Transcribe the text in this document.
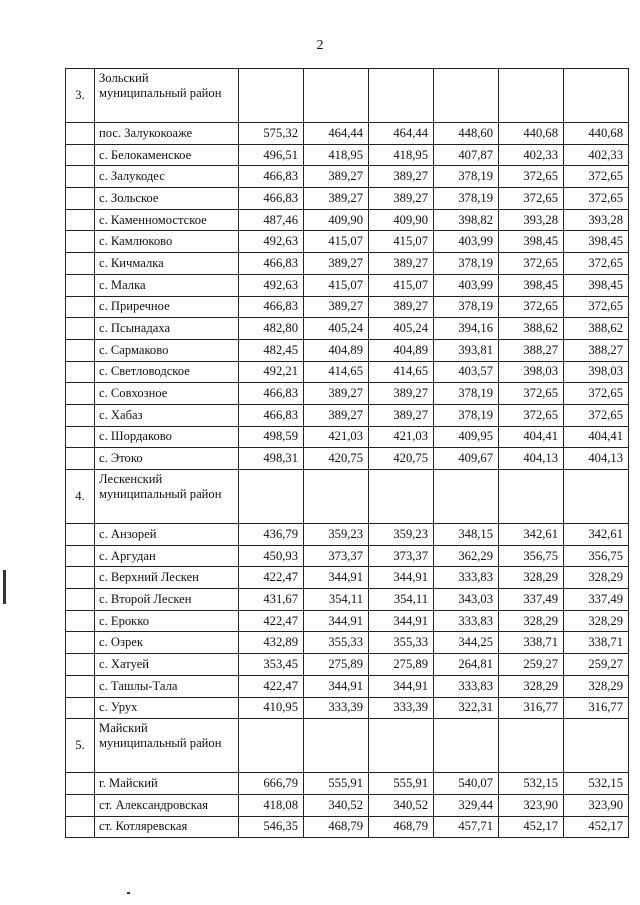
2
3.	Зольский муниципальный район						
	пос. Залукокоаже	575,32	464,44	464,44	448,60	440,68	440,68
	с. Белокаменское	496,51	418,95	418,95	407,87	402,33	402,33
	с. Залукодес	466,83	389,27	389,27	378,19	372,65	372,65
	с. Зольское	466,83	389,27	389,27	378,19	372,65	372,65
	с. Каменномостское	487,46	409,90	409,90	398,82	393,28	393,28
	с. Камлюково	492,63	415,07	415,07	403,99	398,45	398,45
	с. Кичмалка	466,83	389,27	389,27	378,19	372,65	372,65
	с. Малка	492,63	415,07	415,07	403,99	398,45	398,45
	с. Приречное	466,83	389,27	389,27	378,19	372,65	372,65
	с. Псынадаха	482,80	405,24	405,24	394,16	388,62	388,62
	с. Сармаково	482,45	404,89	404,89	393,81	388,27	388,27
	с. Светловодское	492,21	414,65	414,65	403,57	398,03	398,03
	с. Совхозное	466,83	389,27	389,27	378,19	372,65	372,65
	с. Хабаз	466,83	389,27	389,27	378,19	372,65	372,65
	с. Шордаково	498,59	421,03	421,03	409,95	404,41	404,41
	с. Этоко	498,31	420,75	420,75	409,67	404,13	404,13
4.	Лескенский муниципальный район						
	с. Анзорей	436,79	359,23	359,23	348,15	342,61	342,61
	с. Аргудан	450,93	373,37	373,37	362,29	356,75	356,75
	с. Верхний Лескен	422,47	344,91	344,91	333,83	328,29	328,29
	с. Второй Лескен	431,67	354,11	354,11	343,03	337,49	337,49
	с. Ерокко	422,47	344,91	344,91	333,83	328,29	328,29
	с. Озрек	432,89	355,33	355,33	344,25	338,71	338,71
	с. Хатуей	353,45	275,89	275,89	264,81	259,27	259,27
	с. Ташлы-Тала	422,47	344,91	344,91	333,83	328,29	328,29
	с. Урух	410,95	333,39	333,39	322,31	316,77	316,77
5.	Майский муниципальный район						
	г. Майский	666,79	555,91	555,91	540,07	532,15	532,15
	ст. Александровская	418,08	340,52	340,52	329,44	323,90	323,90
	ст. Котляревская	546,35	468,79	468,79	457,71	452,17	452,17
